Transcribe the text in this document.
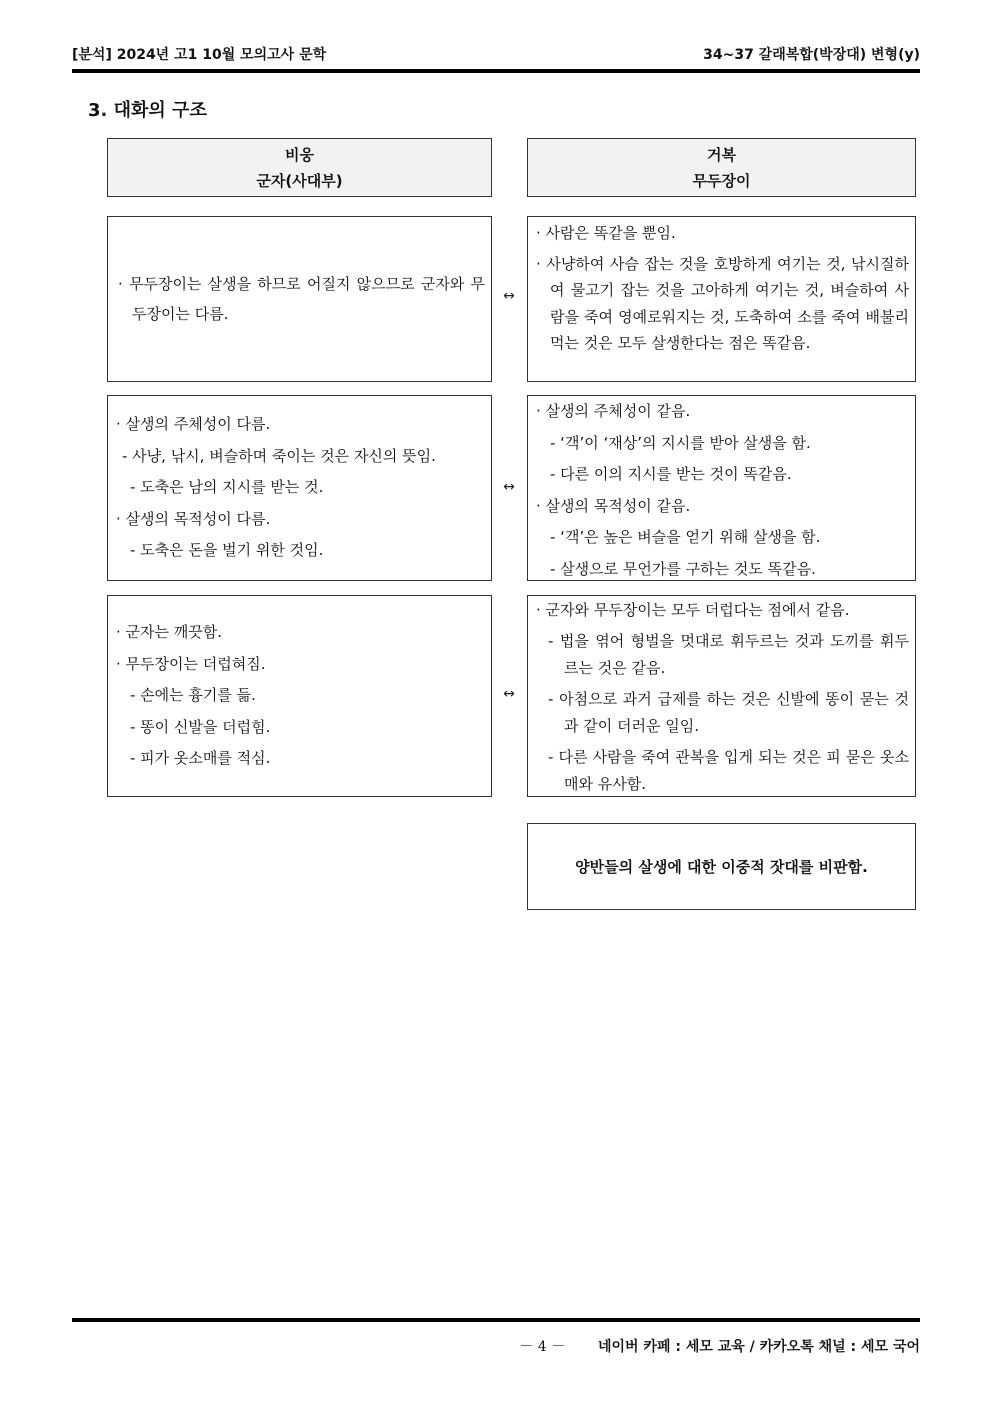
[분석] 2024년 고1 10월 모의고사 문학	34~37 갈래복합(박장대) 변형(y)
3. 대화의 구조
비웅
군자(사대부)
거복
무두장이
· 무두장이는 살생을 하므로 어질지 않으므로 군자와 무두장이는 다름.
↔
· 사람은 똑같을 뿐임.
· 사냥하여 사슴 잡는 것을 호방하게 여기는 것, 낚시질하여 물고기 잡는 것을 고아하게 여기는 것, 벼슬하여 사람을 죽여 영예로워지는 것, 도축하여 소를 죽여 배불리 먹는 것은 모두 살생한다는 점은 똑같음.
· 살생의 주체성이 다름.
- 사냥, 낚시, 벼슬하며 죽이는 것은 자신의 뜻임.
- 도축은 남의 지시를 받는 것.
· 살생의 목적성이 다름.
- 도축은 돈을 벌기 위한 것임.
↔
· 살생의 주체성이 같음.
- ‘객’이 ‘재상’의 지시를 받아 살생을 함.
- 다른 이의 지시를 받는 것이 똑같음.
· 살생의 목적성이 같음.
- ‘객’은 높은 벼슬을 얻기 위해 살생을 함.
- 살생으로 무언가를 구하는 것도 똑같음.
· 군자는 깨끗함.
· 무두장이는 더럽혀짐.
- 손에는 흉기를 듦.
- 똥이 신발을 더럽힘.
- 피가 옷소매를 적심.
↔
· 군자와 무두장이는 모두 더럽다는 점에서 같음.
- 법을 엮어 형벌을 멋대로 휘두르는 것과 도끼를 휘두르는 것은 같음.
- 아첨으로 과거 급제를 하는 것은 신발에 똥이 묻는 것과 같이 더러운 일임.
- 다른 사람을 죽여 관복을 입게 되는 것은 피 묻은 옷소매와 유사함.
양반들의 살생에 대한 이중적 잣대를 비판함.
－ 4 － 네이버 카페 : 세모 교육 / 카카오톡 채널 : 세모 국어
